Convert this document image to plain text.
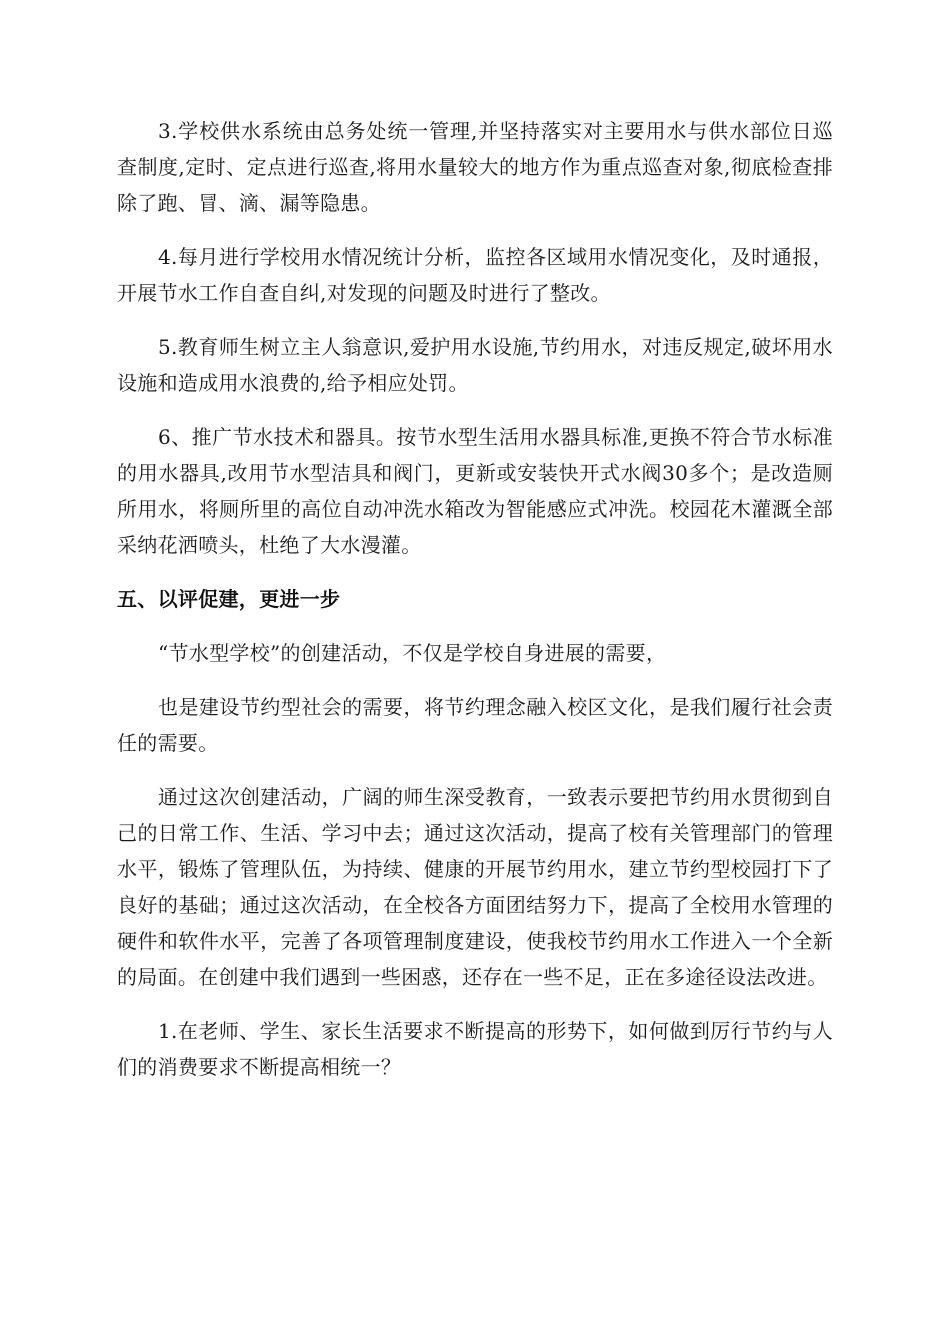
3.学校供水系统由总务处统一管理,并坚持落实对主要用水与供水部位日巡查制度,定时、定点进行巡查,将用水量较大的地方作为重点巡查对象,彻底检查排除了跑、冒、滴、漏等隐患。

4.每月进行学校用水情况统计分析，监控各区域用水情况变化，及时通报，开展节水工作自查自纠,对发现的问题及时进行了整改。

5.教育师生树立主人翁意识,爱护用水设施,节约用水，对违反规定,破坏用水设施和造成用水浪费的,给予相应处罚。

6、推广节水技术和器具。按节水型生活用水器具标准,更换不符合节水标准的用水器具,改用节水型洁具和阀门，更新或安装快开式水阀30多个；是改造厕所用水，将厕所里的高位自动冲洗水箱改为智能感应式冲洗。校园花木灌溉全部采纳花洒喷头，杜绝了大水漫灌。

五、以评促建，更进一步

“节水型学校”的创建活动，不仅是学校自身进展的需要，

也是建设节约型社会的需要，将节约理念融入校区文化，是我们履行社会责任的需要。

通过这次创建活动，广阔的师生深受教育，一致表示要把节约用水贯彻到自己的日常工作、生活、学习中去；通过这次活动，提高了校有关管理部门的管理水平，锻炼了管理队伍，为持续、健康的开展节约用水，建立节约型校园打下了良好的基础；通过这次活动，在全校各方面团结努力下，提高了全校用水管理的硬件和软件水平，完善了各项管理制度建设，使我校节约用水工作进入一个全新的局面。在创建中我们遇到一些困惑，还存在一些不足，正在多途径设法改进。

1.在老师、学生、家长生活要求不断提高的形势下，如何做到厉行节约与人们的消费要求不断提高相统一？
